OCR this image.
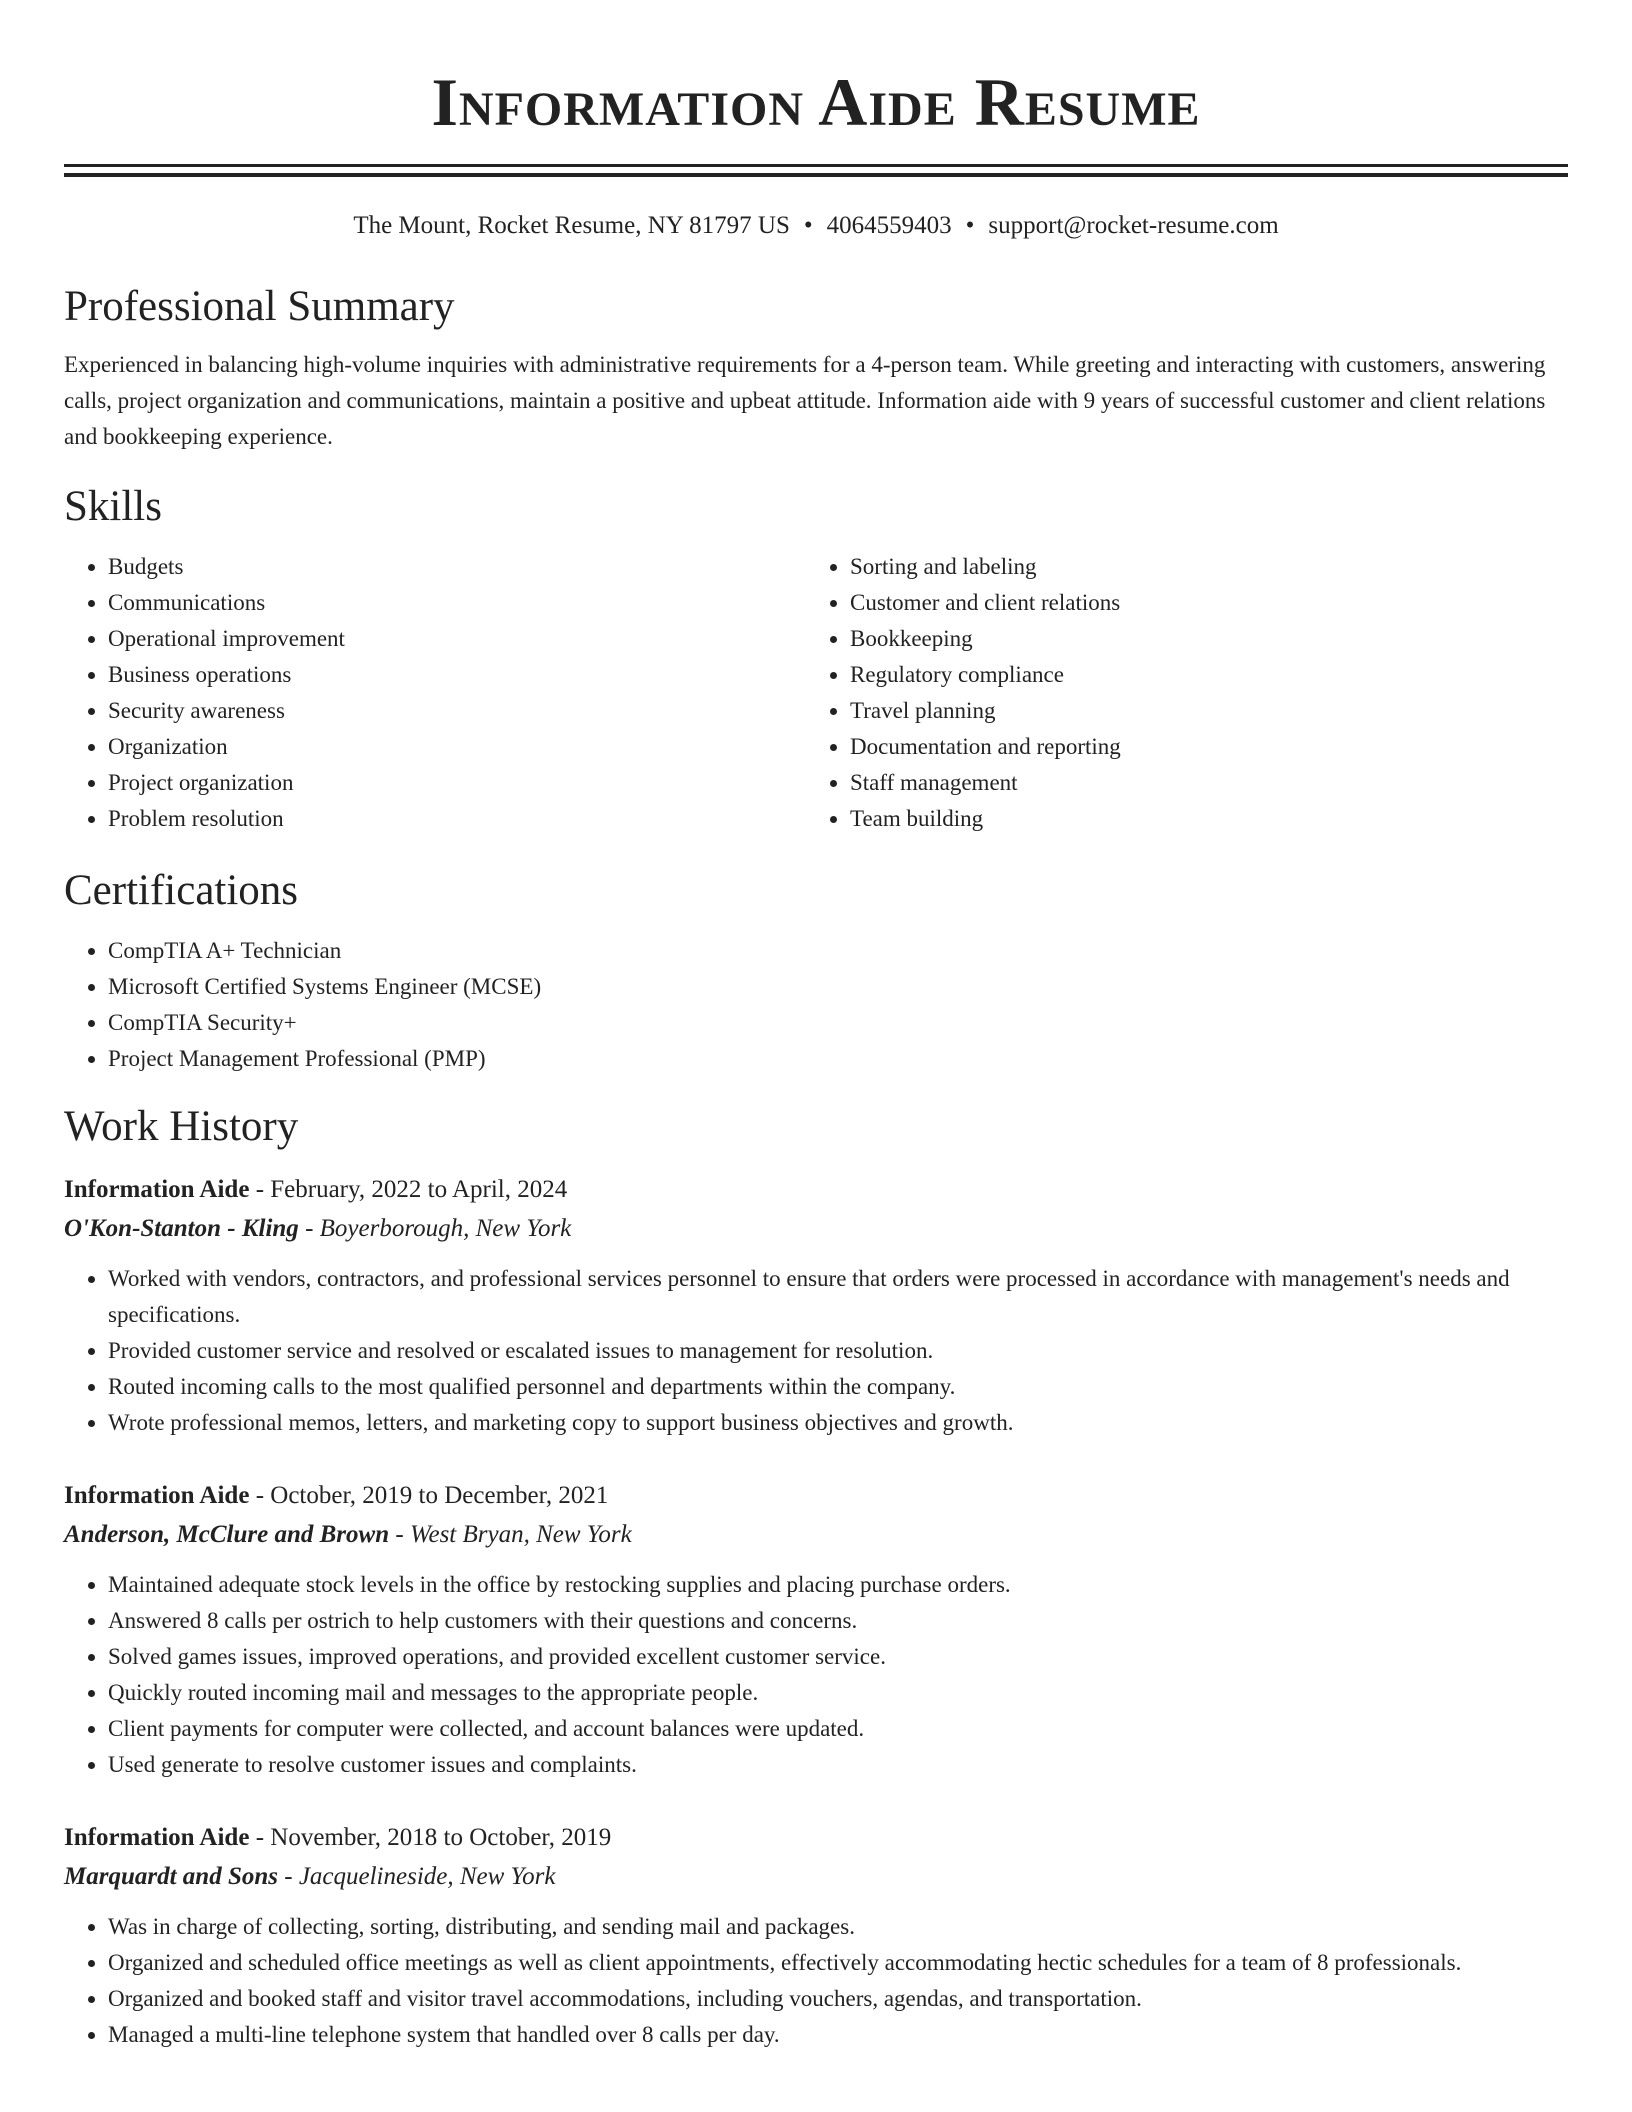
Information Aide Resume
The Mount, Rocket Resume, NY 81797 US • 4064559403 • support@rocket-resume.com
Professional Summary

Experienced in balancing high-volume inquiries with administrative requirements for a 4-person team. While greeting and interacting with customers, answering calls, project organization and communications, maintain a positive and upbeat attitude. Information aide with 9 years of successful customer and client relations and bookkeeping experience.

Skills
• Budgets
• Communications
• Operational improvement
• Business operations
• Security awareness
• Organization
• Project organization
• Problem resolution
• Sorting and labeling
• Customer and client relations
• Bookkeeping
• Regulatory compliance
• Travel planning
• Documentation and reporting
• Staff management
• Team building
Certifications
• CompTIA A+ Technician
• Microsoft Certified Systems Engineer (MCSE)
• CompTIA Security+
• Project Management Professional (PMP)
Work History
Information Aide - February, 2022 to April, 2024
O'Kon-Stanton - Kling - Boyerborough, New York
• Worked with vendors, contractors, and professional services personnel to ensure that orders were processed in accordance with management's needs and specifications.
• Provided customer service and resolved or escalated issues to management for resolution.
• Routed incoming calls to the most qualified personnel and departments within the company.
• Wrote professional memos, letters, and marketing copy to support business objectives and growth.
Information Aide - October, 2019 to December, 2021
Anderson, McClure and Brown - West Bryan, New York
• Maintained adequate stock levels in the office by restocking supplies and placing purchase orders.
• Answered 8 calls per ostrich to help customers with their questions and concerns.
• Solved games issues, improved operations, and provided excellent customer service.
• Quickly routed incoming mail and messages to the appropriate people.
• Client payments for computer were collected, and account balances were updated.
• Used generate to resolve customer issues and complaints.
Information Aide - November, 2018 to October, 2019
Marquardt and Sons - Jacquelineside, New York
• Was in charge of collecting, sorting, distributing, and sending mail and packages.
• Organized and scheduled office meetings as well as client appointments, effectively accommodating hectic schedules for a team of 8 professionals.
• Organized and booked staff and visitor travel accommodations, including vouchers, agendas, and transportation.
• Managed a multi-line telephone system that handled over 8 calls per day.
